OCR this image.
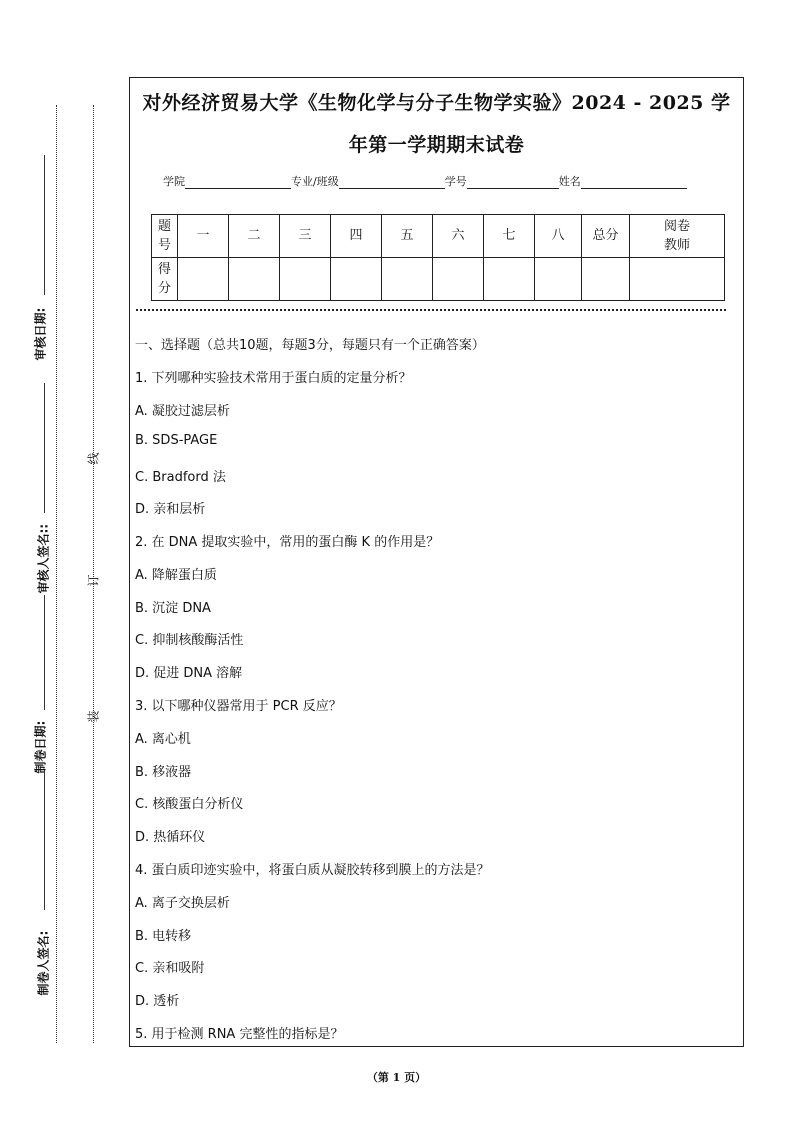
审核日期:
审核人签名::
制卷日期:
制卷人签名:
线
订
装
对外经济贸易大学《生物化学与分子生物学实验》2024 - 2025 学
年第一学期期末试卷
学院	专业/班级	学号	姓名
题号	一	二	三	四	五	六	七	八	总分	阅卷教师
得分										
一、选择题（总共10题，每题3分，每题只有一个正确答案）
1. 下列哪种实验技术常用于蛋白质的定量分析？
A. 凝胶过滤层析
B. SDS-PAGE
C. Bradford 法
D. 亲和层析
2. 在 DNA 提取实验中，常用的蛋白酶 K 的作用是？
A. 降解蛋白质
B. 沉淀 DNA
C. 抑制核酸酶活性
D. 促进 DNA 溶解
3. 以下哪种仪器常用于 PCR 反应？
A. 离心机
B. 移液器
C. 核酸蛋白分析仪
D. 热循环仪
4. 蛋白质印迹实验中，将蛋白质从凝胶转移到膜上的方法是？
A. 离子交换层析
B. 电转移
C. 亲和吸附
D. 透析
5. 用于检测 RNA 完整性的指标是？
（第 1 页）
